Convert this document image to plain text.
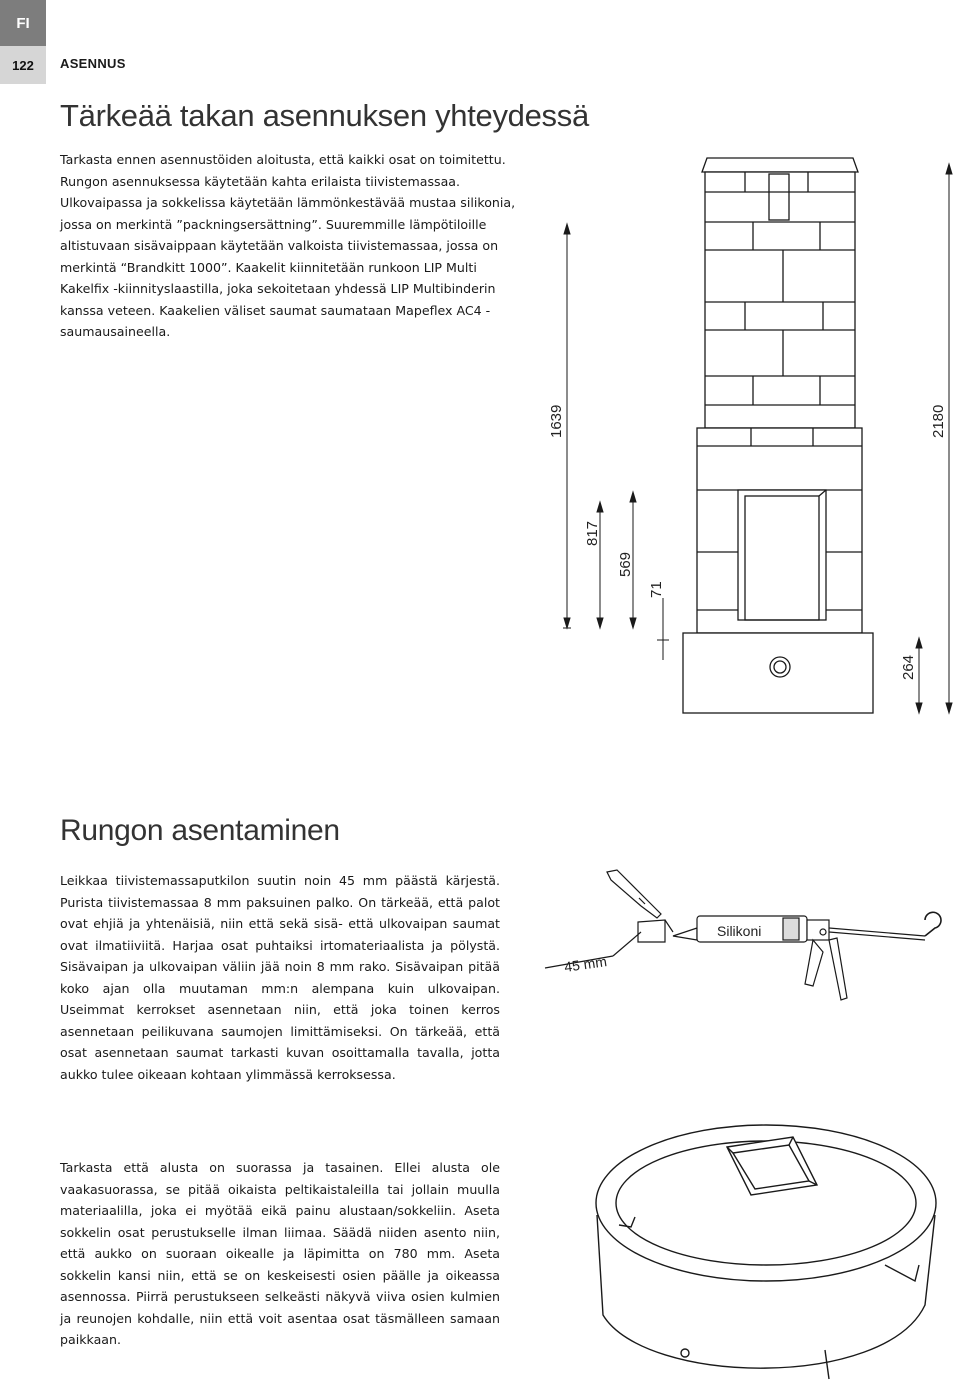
FI
122	ASENNUS
Tärkeää takan asennuksen yhteydessä

Tarkasta ennen asennustöiden aloitusta, että kaikki osat on toimitettu. Rungon asennuksessa käytetään kahta erilaista tiivistemassaa. Ulkovaipassa ja sokkelissa käytetään lämmönkestävää mustaa silikonia, jossa on merkintä ”packningsersättning”. Suuremmille lämpötiloille altistuvaan sisävaippaan käytetään valkoista tiivistemassaa, jossa on merkintä “Brandkitt 1000”. Kaakelit kiinnitetään runkoon LIP Multi Kakelfix -kiinnityslaastilla, joka sekoitetaan yhdessä LIP Multibinderin kanssa veteen. Kaakelien väliset saumat saumataan Mapeflex AC4 -saumausaineella.

1639
817
569
71
2180
264
Rungon asentaminen

Leikkaa tiivistemassaputkilon suutin noin 45 mm päästä kärjestä. Purista tiivistemassaa 8 mm paksuinen palko. On tärkeää, että palot ovat ehjiä ja yhtenäisiä, niin että sekä sisä- että ulkovaipan saumat ovat ilmatiiviitä. Harjaa osat puhtaiksi irtomateriaalista ja pölystä. Sisävaipan ja ulkovaipan väliin jää noin 8 mm rako. Sisävaipan pitää koko ajan olla muutaman mm:n alempana kuin ulkovaipan. Useimmat kerrokset asennetaan niin, että joka toinen kerros asennetaan peilikuvana saumojen limittämiseksi. On tärkeää, että osat asennetaan saumat tarkasti kuvan osoittamalla tavalla, jotta aukko tulee oikeaan kohtaan ylimmässä kerroksessa.

45 mm
Silikoni

Tarkasta että alusta on suorassa ja tasainen. Ellei alusta ole vaakasuorassa, se pitää oikaista peltikaistaleilla tai jollain muulla materiaalilla, joka ei myötää eikä painu alustaan/sokkeliin. Aseta sokkelin osat perustukselle ilman liimaa. Säädä niiden asento niin, että aukko on suoraan oikealle ja läpimitta on 780 mm. Aseta sokkelin kansi niin, että se on keskeisesti osien päälle ja oikeassa asennossa. Piirrä perustukseen selkeästi näkyvä viiva osien kulmien ja reunojen kohdalle, niin että voit asentaa osat täsmälleen samaan paikkaan.
